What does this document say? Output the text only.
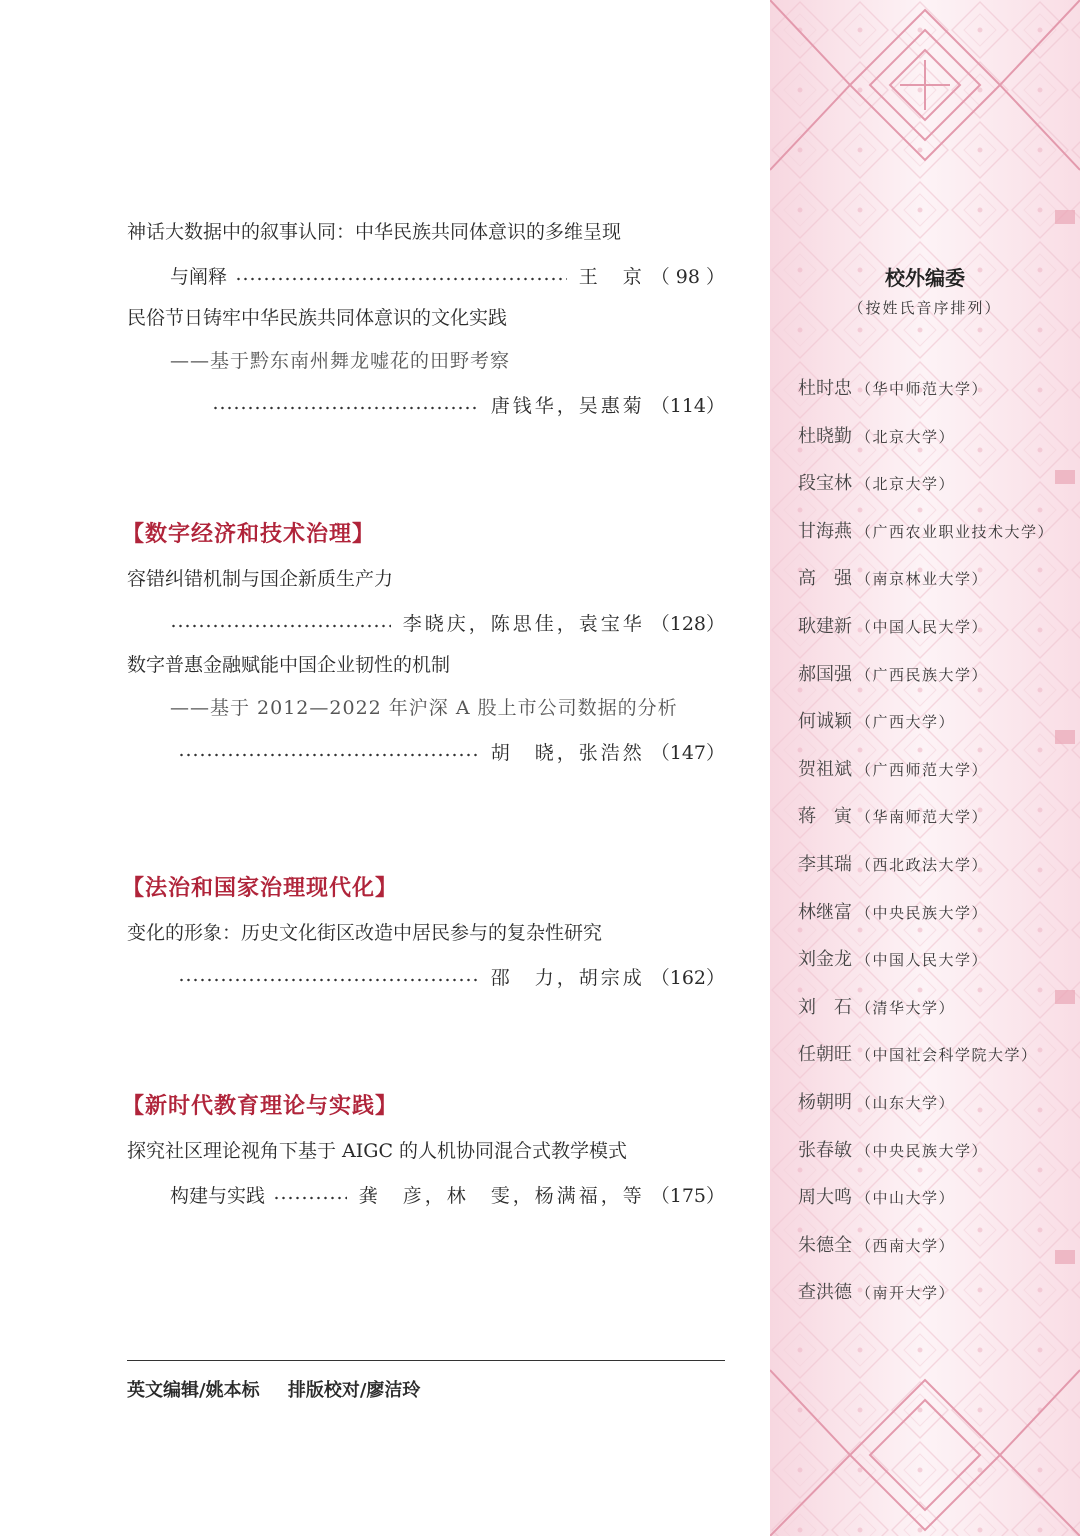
神话大数据中的叙事认同：中华民族共同体意识的多维呈现
与阐释	王　京 （ 98 ）
民俗节日铸牢中华民族共同体意识的文化实践
——基于黔东南州舞龙嘘花的田野考察
唐钱华，吴惠菊 （114）
【数字经济和技术治理】
容错纠错机制与国企新质生产力
李晓庆，陈思佳，袁宝华 （128）
数字普惠金融赋能中国企业韧性的机制
——基于 2012—2022 年沪深 A 股上市公司数据的分析
胡　晓，张浩然 （147）
【法治和国家治理现代化】
变化的形象：历史文化街区改造中居民参与的复杂性研究
邵　力，胡宗成 （162）
【新时代教育理论与实践】
探究社区理论视角下基于 AIGC 的人机协同混合式教学模式
构建与实践	龚　彦，林　雯，杨满福，等 （175）
英文编辑/姚本标 排版校对/廖洁玲
校外编委
（按姓氏音序排列）
杜时忠 （华中师范大学）
杜晓勤 （北京大学）
段宝林 （北京大学）
甘海燕 （广西农业职业技术大学）
高　强 （南京林业大学）
耿建新 （中国人民大学）
郝国强 （广西民族大学）
何诚颖 （广西大学）
贺祖斌 （广西师范大学）
蒋　寅 （华南师范大学）
李其瑞 （西北政法大学）
林继富 （中央民族大学）
刘金龙 （中国人民大学）
刘　石 （清华大学）
任朝旺 （中国社会科学院大学）
杨朝明 （山东大学）
张春敏 （中央民族大学）
周大鸣 （中山大学）
朱德全 （西南大学）
查洪德 （南开大学）
